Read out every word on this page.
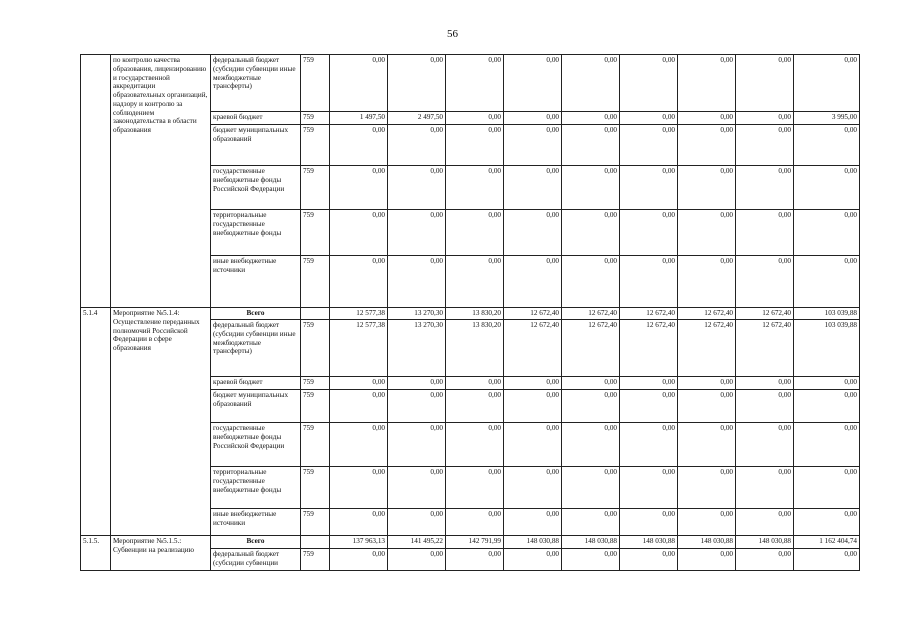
56
	по контролю качества образования, лицензированию и государственной аккредитации образовательных организаций, надзору и контролю за соблюдением законодательства в области образования	федеральный бюджет (субсидии субвенции иные межбюджетные трансферты)	759	0,00	0,00	0,00	0,00	0,00	0,00	0,00	0,00	0,00
		краевой бюджет	759	1 497,50	2 497,50	0,00	0,00	0,00	0,00	0,00	0,00	3 995,00
		бюджет муниципальных образований	759	0,00	0,00	0,00	0,00	0,00	0,00	0,00	0,00	0,00
		государственные внебюджетные фонды Российской Федерации	759	0,00	0,00	0,00	0,00	0,00	0,00	0,00	0,00	0,00
		территориальные государственные внебюджетные фонды	759	0,00	0,00	0,00	0,00	0,00	0,00	0,00	0,00	0,00
		иные внебюджетные источники	759	0,00	0,00	0,00	0,00	0,00	0,00	0,00	0,00	0,00
5.1.4	Мероприятие №5.1.4: Осуществление переданных полномочий Российской Федерации в сфере образования	Всего		12 577,38	13 270,30	13 830,20	12 672,40	12 672,40	12 672,40	12 672,40	12 672,40	103 039,88
		федеральный бюджет (субсидии субвенции иные межбюджетные трансферты)	759	12 577,38	13 270,30	13 830,20	12 672,40	12 672,40	12 672,40	12 672,40	12 672,40	103 039,88
		краевой бюджет	759	0,00	0,00	0,00	0,00	0,00	0,00	0,00	0,00	0,00
		бюджет муниципальных образований	759	0,00	0,00	0,00	0,00	0,00	0,00	0,00	0,00	0,00
		государственные внебюджетные фонды Российской Федерации	759	0,00	0,00	0,00	0,00	0,00	0,00	0,00	0,00	0,00
		территориальные государственные внебюджетные фонды	759	0,00	0,00	0,00	0,00	0,00	0,00	0,00	0,00	0,00
		иные внебюджетные источники	759	0,00	0,00	0,00	0,00	0,00	0,00	0,00	0,00	0,00
5.1.5.	Мероприятие №5.1.5.: Субвенции на реализацию	Всего		137 963,13	141 495,22	142 791,99	148 030,88	148 030,88	148 030,88	148 030,88	148 030,88	1 162 404,74
		федеральный бюджет (субсидии субвенции	759	0,00	0,00	0,00	0,00	0,00	0,00	0,00	0,00	0,00
